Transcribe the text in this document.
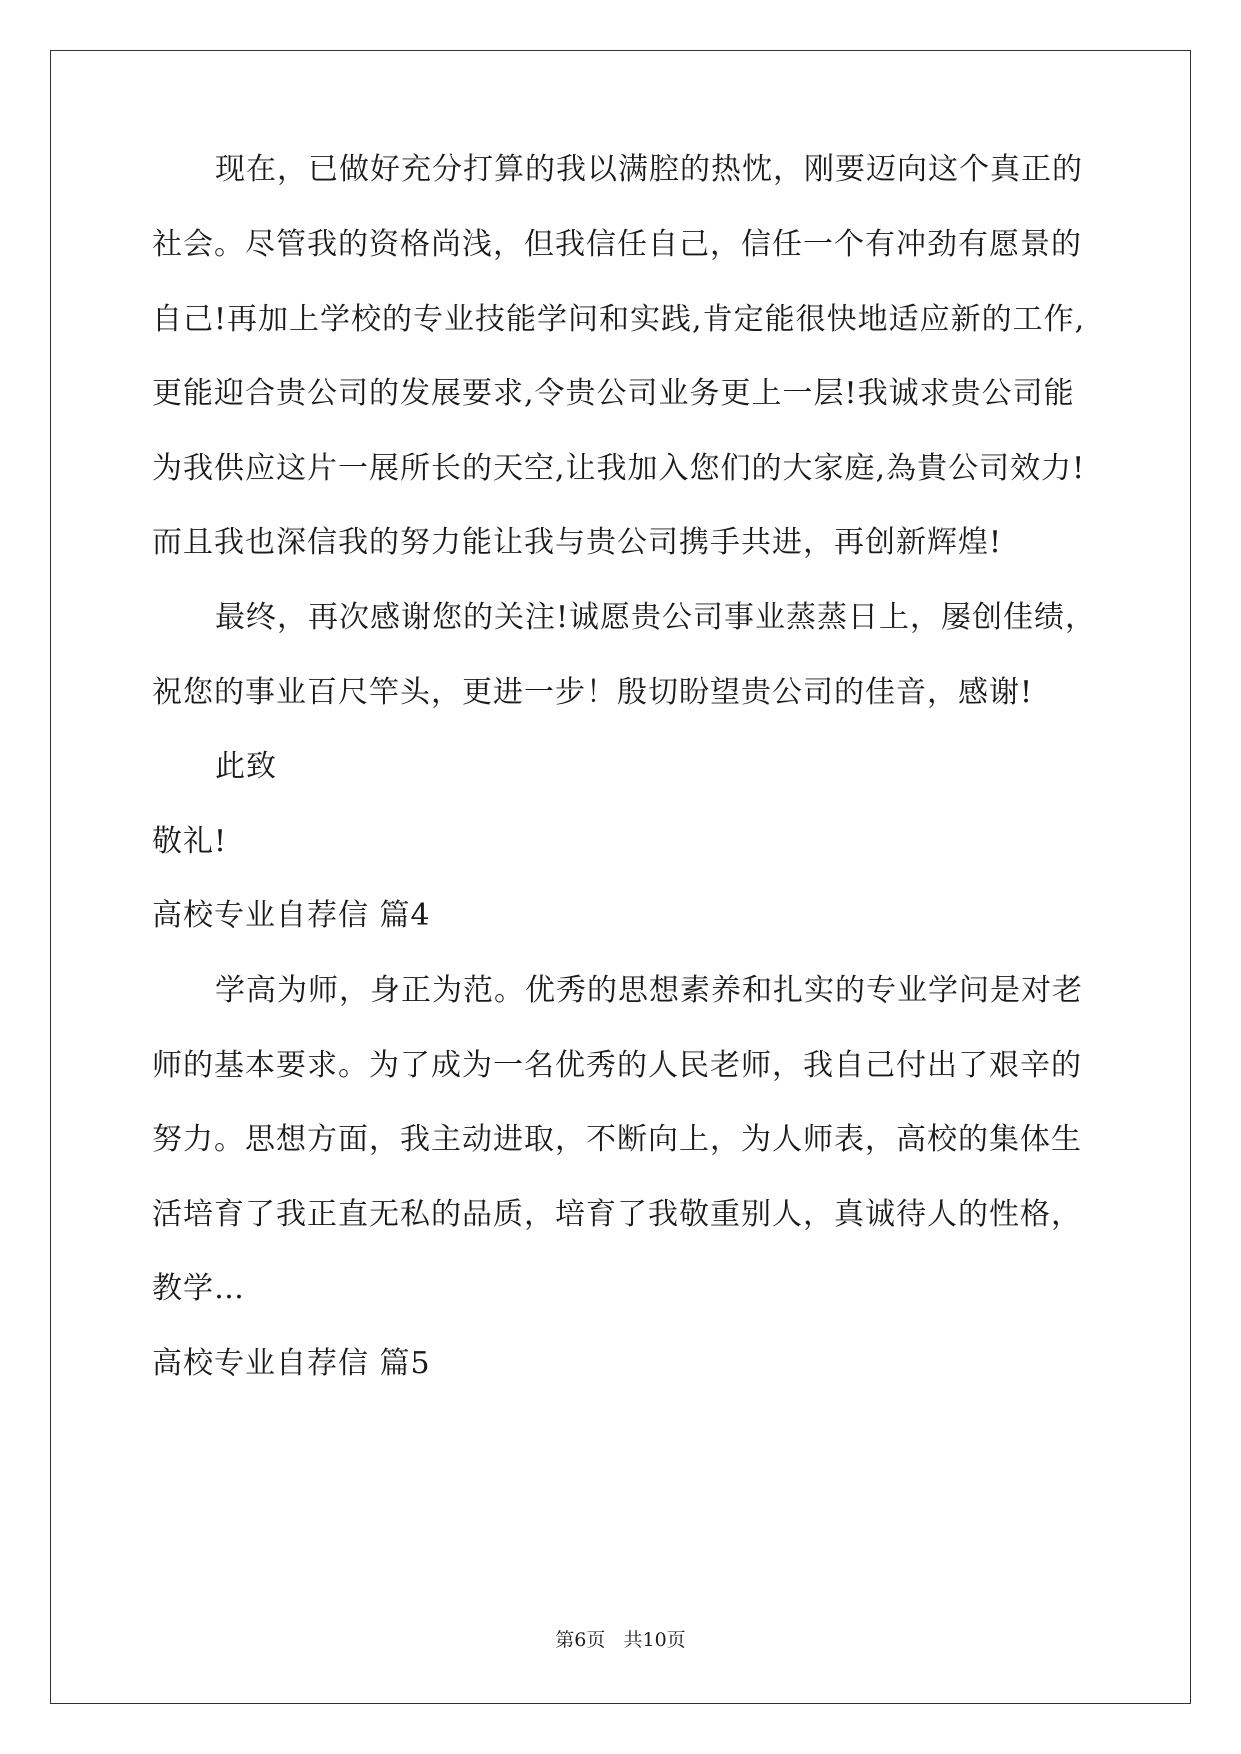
现在，已做好充分打算的我以满腔的热忱，刚要迈向这个真正的
社会。尽管我的资格尚浅，但我信任自己，信任一个有冲劲有愿景的
自己!再加上学校的专业技能学问和实践,肯定能很快地适应新的工作,
更能迎合贵公司的发展要求,令贵公司业务更上一层!我诚求贵公司能
为我供应这片一展所长的天空,让我加入您们的大家庭,為貴公司效力!
而且我也深信我的努力能让我与贵公司携手共进，再创新辉煌!
最终，再次感谢您的关注!诚愿贵公司事业蒸蒸日上，屡创佳绩，
祝您的事业百尺竿头，更进一步！殷切盼望贵公司的佳音，感谢!
此致
敬礼!
高校专业自荐信 篇4
学高为师，身正为范。优秀的思想素养和扎实的专业学问是对老
师的基本要求。为了成为一名优秀的人民老师，我自己付出了艰辛的
努力。思想方面，我主动进取，不断向上，为人师表，高校的集体生
活培育了我正直无私的品质，培育了我敬重别人，真诚待人的性格，
教学…
高校专业自荐信 篇5
第6页   共10页
